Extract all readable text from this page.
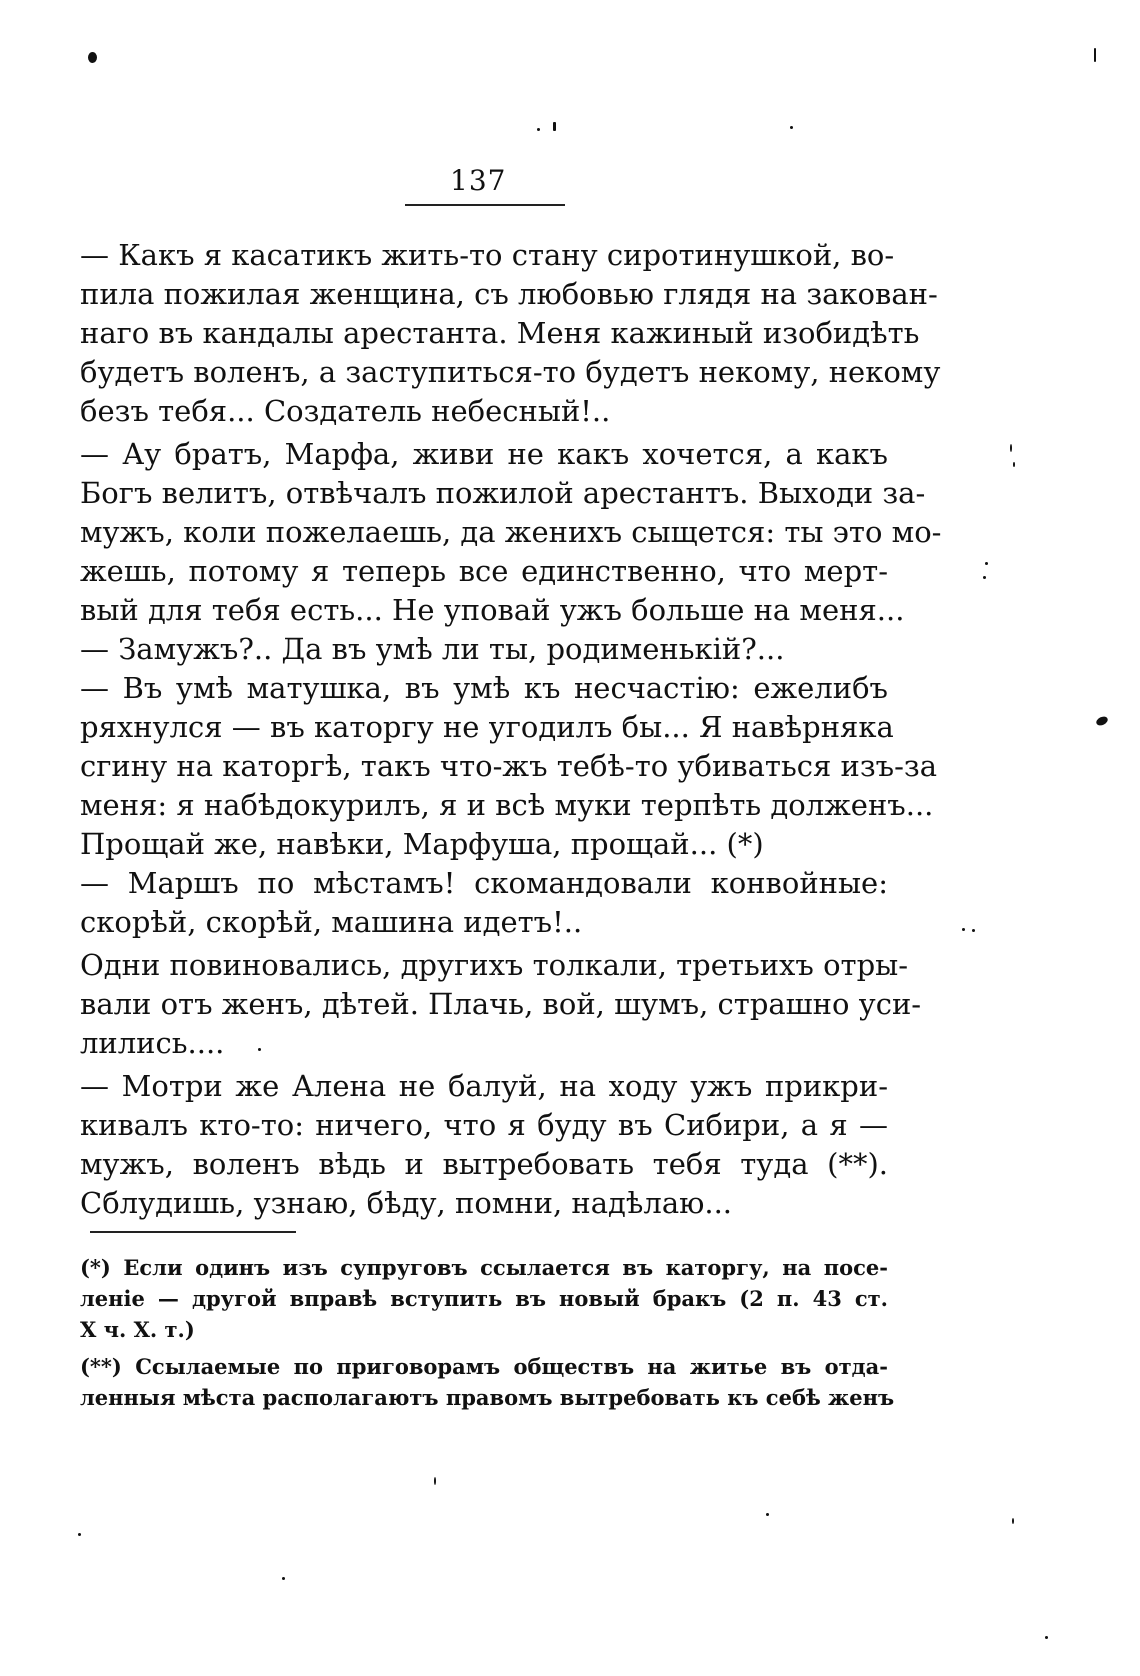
137
— Какъ я касатикъ жить-то стану сиротинушкой, во-
пила пожилая женщина, съ любовью глядя на закован-
наго въ кандалы арестанта. Меня кажиный изобидѣть
будетъ воленъ, а заступиться-то будетъ некому, некому
безъ тебя... Создатель небесный!..
— Ау братъ, Марфа, живи не какъ хочется, а какъ
Богъ велитъ, отвѣчалъ пожилой арестантъ. Выходи за-
мужъ, коли пожелаешь, да женихъ сыщется: ты это мо-
жешь, потому я теперь все единственно, что мерт-
вый для тебя есть... Не уповай ужъ больше на меня...
— Замужъ?.. Да въ умѣ ли ты, родименькій?...
— Въ умѣ матушка, въ умѣ къ несчастію: ежелибъ
ряхнулся — въ каторгу не угодилъ бы... Я навѣрняка
сгину на каторгѣ, такъ что-жъ тебѣ-то убиваться изъ-за
меня: я набѣдокурилъ, я и всѣ муки терпѣть долженъ...
Прощай же, навѣки, Марфуша, прощай... (*)
— Маршъ по мѣстамъ! скомандовали конвойные:
скорѣй, скорѣй, машина идетъ!..
Одни повиновались, другихъ толкали, третьихъ отры-
вали отъ женъ, дѣтей. Плачь, вой, шумъ, страшно уси-
лились....
— Мотри же Алена не балуй, на ходу ужъ прикри-
кивалъ кто-то: ничего, что я буду въ Сибири, а я —
мужъ, воленъ вѣдь и вытребовать тебя туда (**).
Сблудишь, узнаю, бѣду, помни, надѣлаю...
(*) Если одинъ изъ супруговъ ссылается въ каторгу, на посе-
леніе — другой вправѣ вступить въ новый бракъ (2 п. 43 ст.
X ч. X. т.)
(**) Ссылаемые по приговорамъ обществъ на житье въ отда-
ленныя мѣста располагаютъ правомъ вытребовать къ себѣ женъ
